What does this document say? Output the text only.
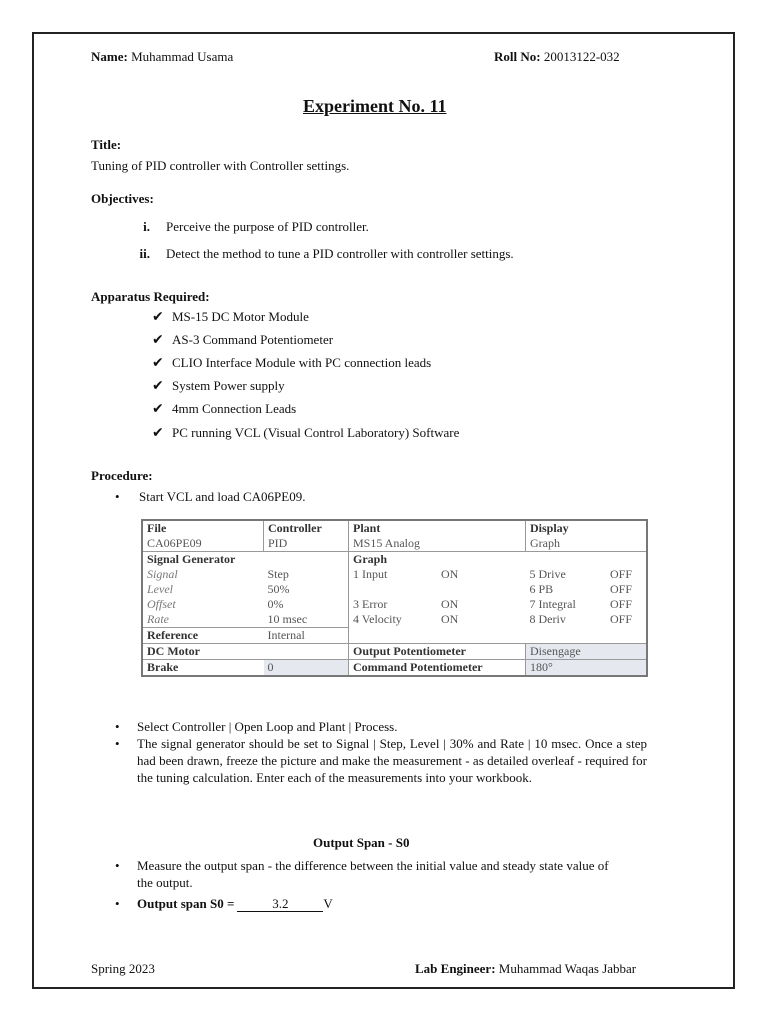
Name: Muhammad Usama	Roll No: 20013122-032
Experiment No. 11
Title:
Tuning of PID controller with Controller settings.
Objectives:
i. Perceive the purpose of PID controller.
ii. Detect the method to tune a PID controller with controller settings.
Apparatus Required:
✔ MS-15 DC Motor Module
✔ AS-3 Command Potentiometer
✔ CLIO Interface Module with PC connection leads
✔ System Power supply
✔ 4mm Connection Leads
✔ PC running VCL (Visual Control Laboratory) Software
Procedure:
• Start VCL and load CA06PE09.
File	Controller	Plant		Display	
CA06PE09	PID	MS15 Analog		Graph	
Signal Generator		Graph			
Signal	Step	1 Input	ON	5 Drive	OFF
Level	50%			6 PB	OFF
Offset	0%	3 Error	ON	7 Integral	OFF
Rate	10 msec	4 Velocity	ON	8 Deriv	OFF
Reference	Internal				
DC Motor		Output Potentiometer		Disengage	
Brake	0	Command Potentiometer		180°	
• Select Controller | Open Loop and Plant | Process.
• The signal generator should be set to Signal | Step, Level | 30% and Rate | 10 msec. Once a step had been drawn, freeze the picture and make the measurement - as detailed overleaf - required for the tuning calculation. Enter each of the measurements into your workbook.
Output Span - S0
• Measure the output span - the difference between the initial value and steady state value of the output.
• Output span S0 =	3.2	V
Spring 2023	Lab Engineer: Muhammad Waqas Jabbar
